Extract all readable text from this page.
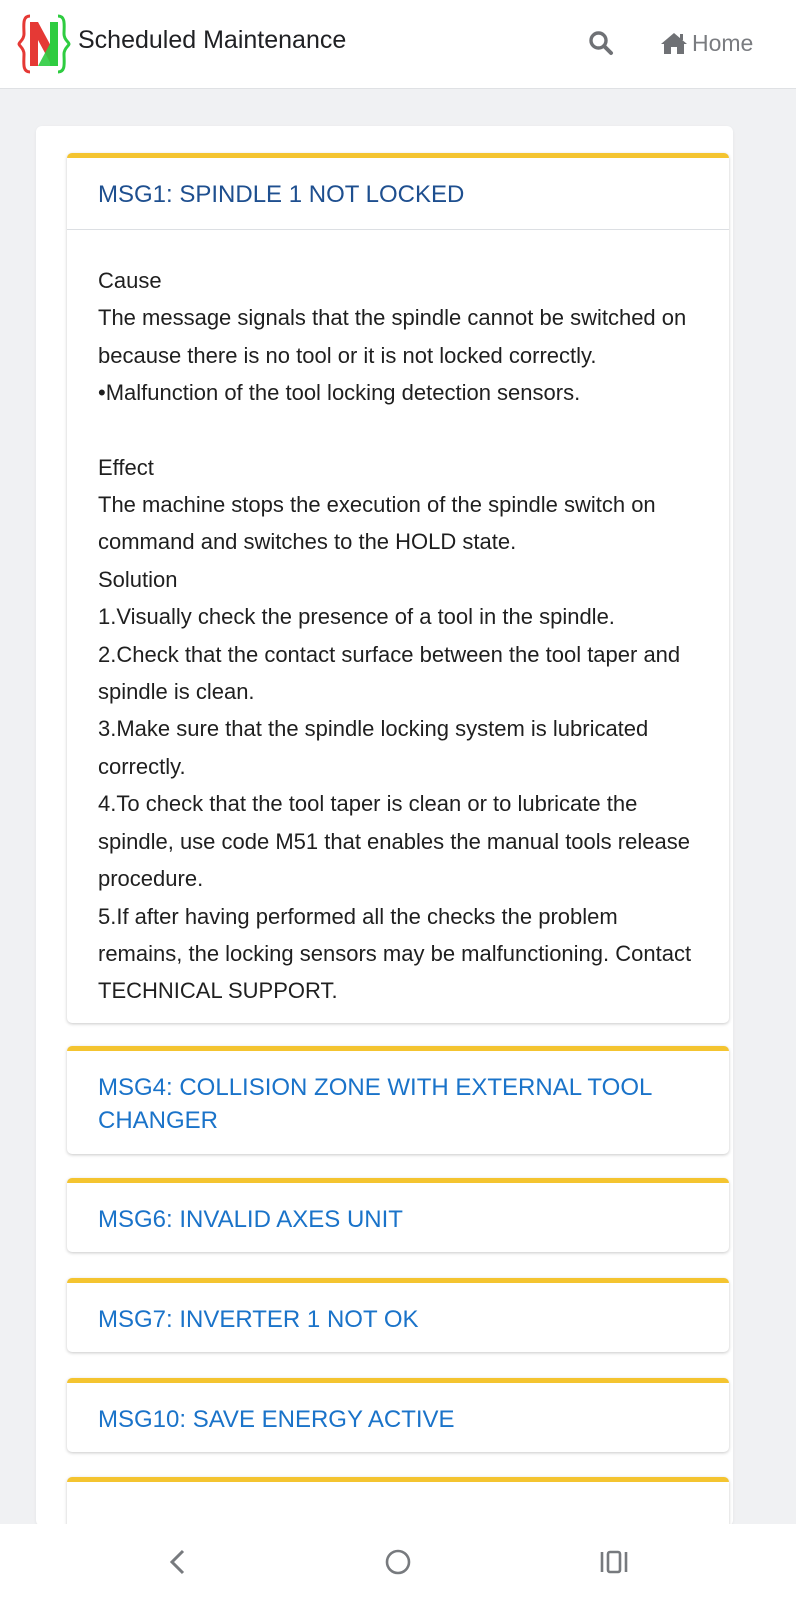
Scheduled Maintenance	Home
MSG1: SPINDLE 1 NOT LOCKED

Cause

The message signals that the spindle cannot be switched on because there is no tool or it is not locked correctly.

•Malfunction of the tool locking detection sensors.

Effect

The machine stops the execution of the spindle switch on command and switches to the HOLD state.

Solution

1.Visually check the presence of a tool in the spindle.

2.Check that the contact surface between the tool taper and spindle is clean.

3.Make sure that the spindle locking system is lubricated correctly.

4.To check that the tool taper is clean or to lubricate the spindle, use code M51 that enables the manual tools release procedure.

5.If after having performed all the checks the problem remains, the locking sensors may be malfunctioning. Contact TECHNICAL SUPPORT.

MSG4: COLLISION ZONE WITH EXTERNAL TOOL CHANGER
MSG6: INVALID AXES UNIT
MSG7: INVERTER 1 NOT OK
MSG10: SAVE ENERGY ACTIVE
